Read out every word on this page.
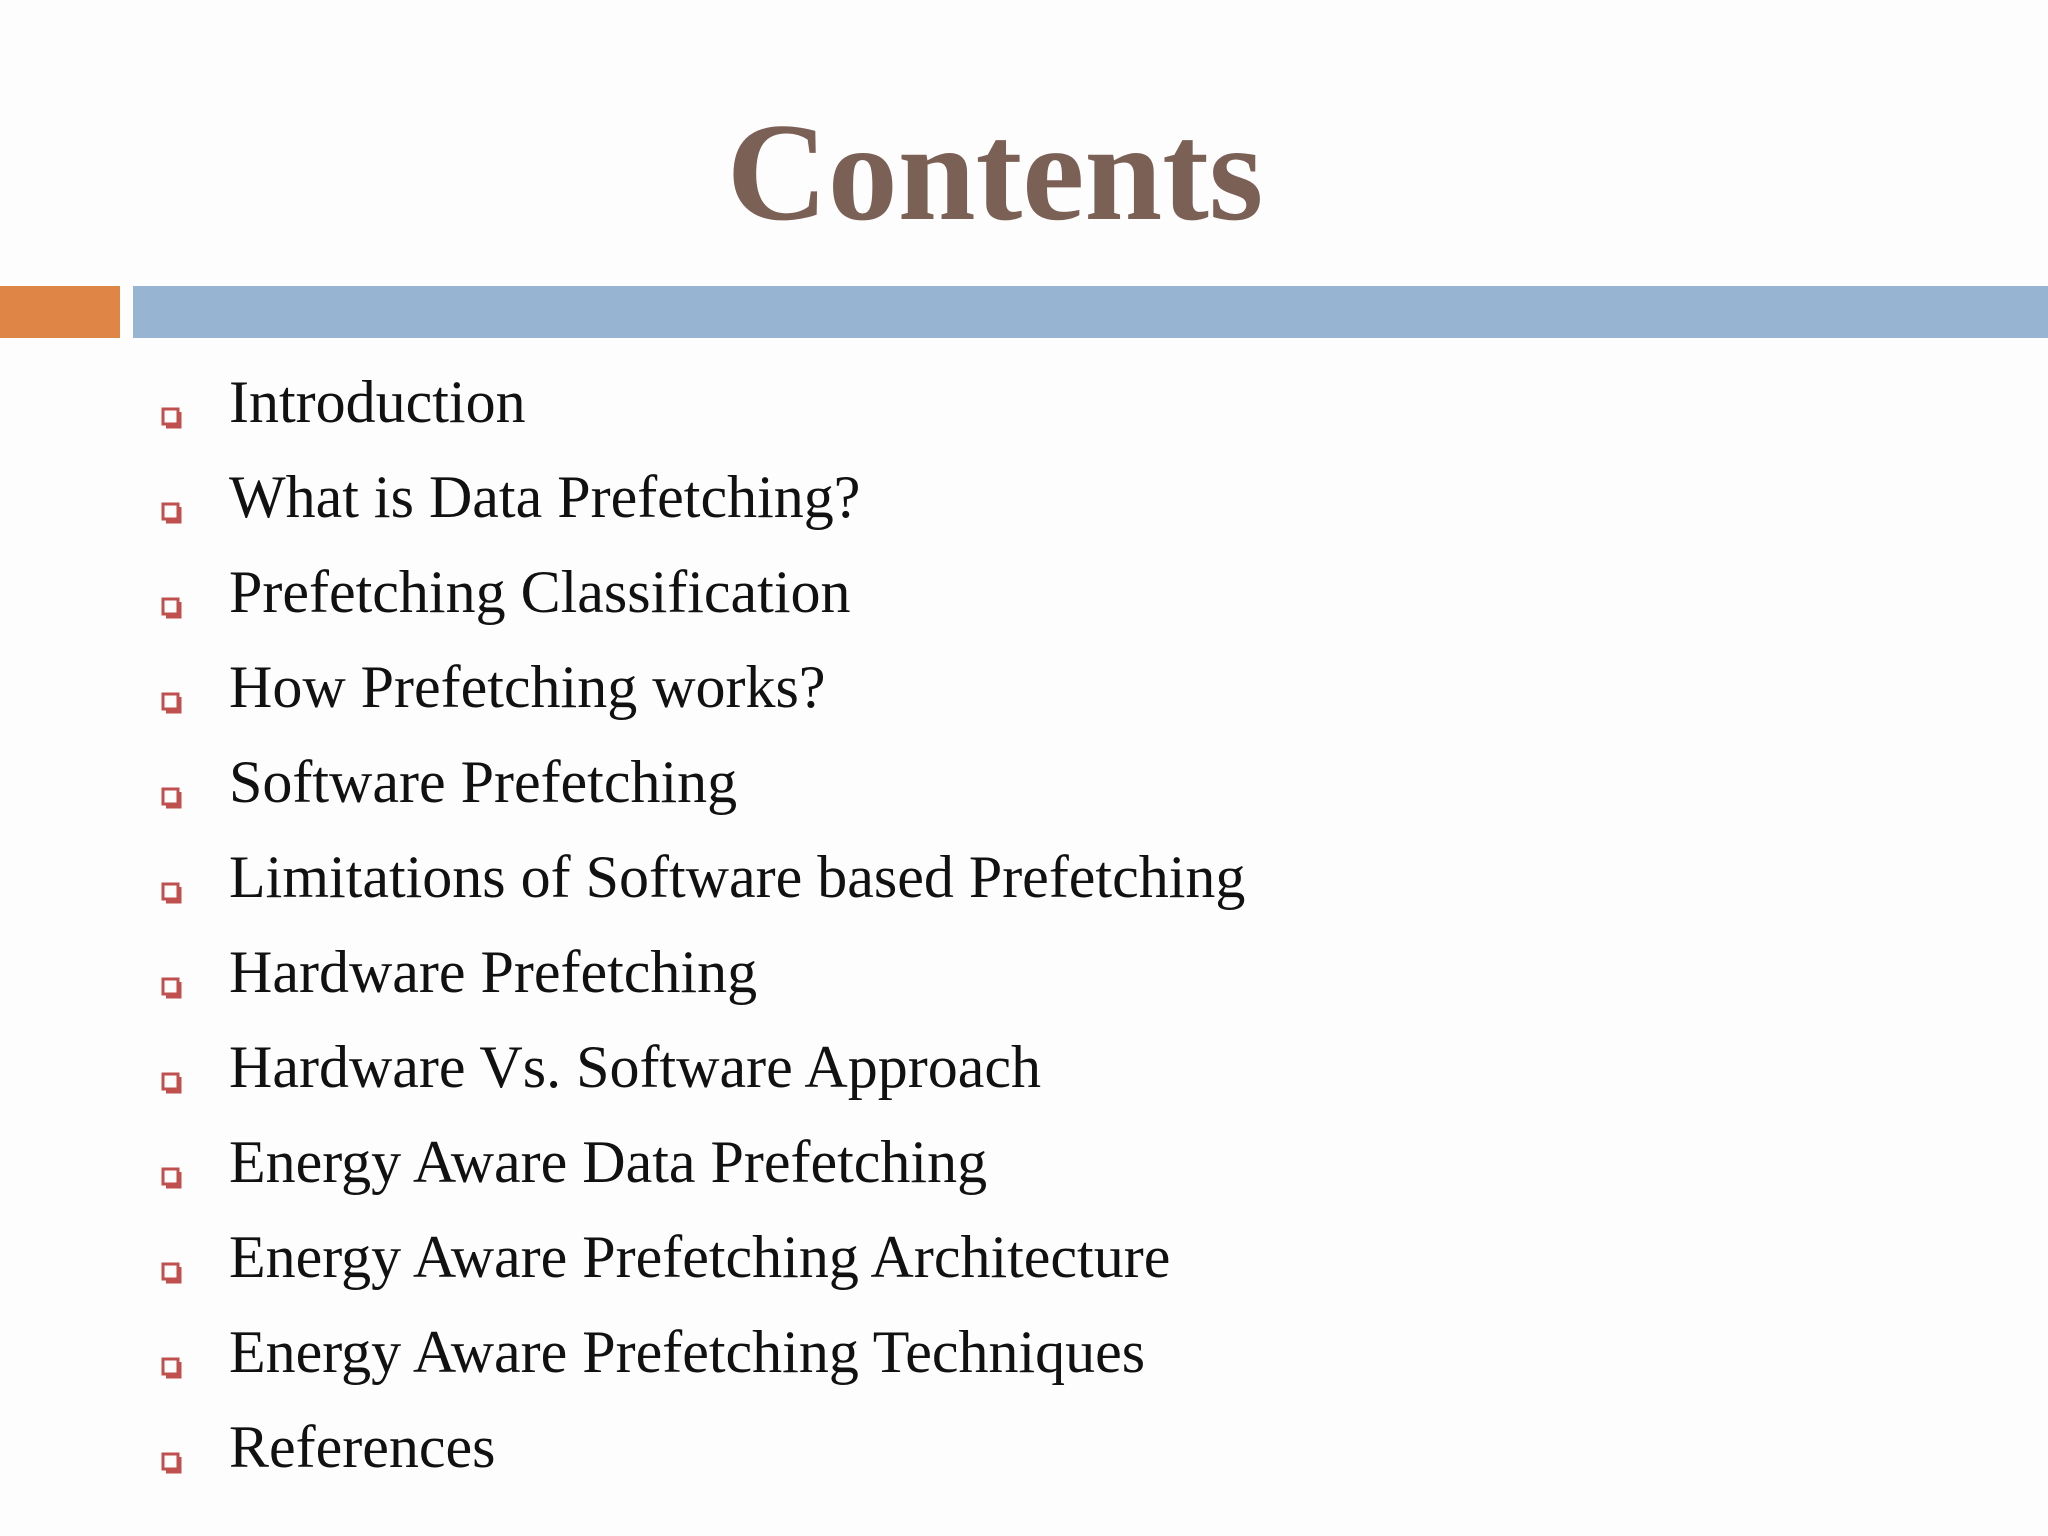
Contents
Introduction
What is Data Prefetching?
Prefetching Classification
How Prefetching works?
Software Prefetching
Limitations of Software based Prefetching
Hardware Prefetching
Hardware Vs. Software Approach
Energy Aware Data Prefetching
Energy Aware Prefetching Architecture
Energy Aware Prefetching Techniques
References
